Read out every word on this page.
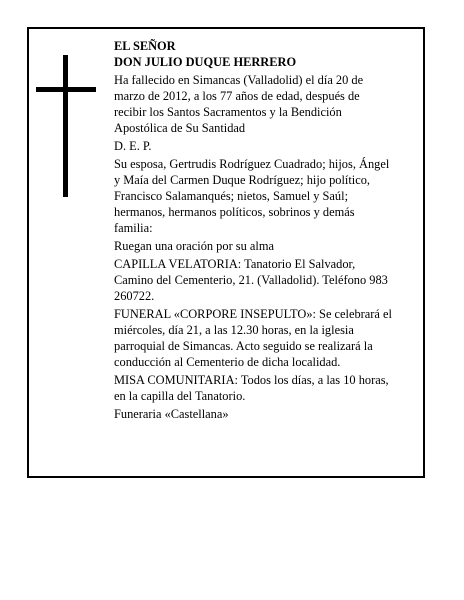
EL SEÑOR
DON JULIO DUQUE HERRERO
Ha fallecido en Simancas (Valladolid) el día 20 de
marzo de 2012, a los 77 años de edad, después de
recibir los Santos Sacramentos y la Bendición
Apostólica de Su Santidad
D. E. P.
Su esposa, Gertrudis Rodríguez Cuadrado; hijos, Ángel
y Maía del Carmen Duque Rodríguez; hijo político,
Francisco Salamanqués; nietos, Samuel y Saúl;
hermanos, hermanos políticos, sobrinos y demás
familia:
Ruegan una oración por su alma
CAPILLA VELATORIA: Tanatorio El Salvador,
Camino del Cementerio, 21. (Valladolid). Teléfono 983
260722.
FUNERAL «CORPORE INSEPULTO»: Se celebrará el
miércoles, día 21, a las 12.30 horas, en la iglesia
parroquial de Simancas. Acto seguido se realizará la
conducción al Cementerio de dicha localidad.
MISA COMUNITARIA: Todos los días, a las 10 horas,
en la capilla del Tanatorio.
Funeraria «Castellana»
